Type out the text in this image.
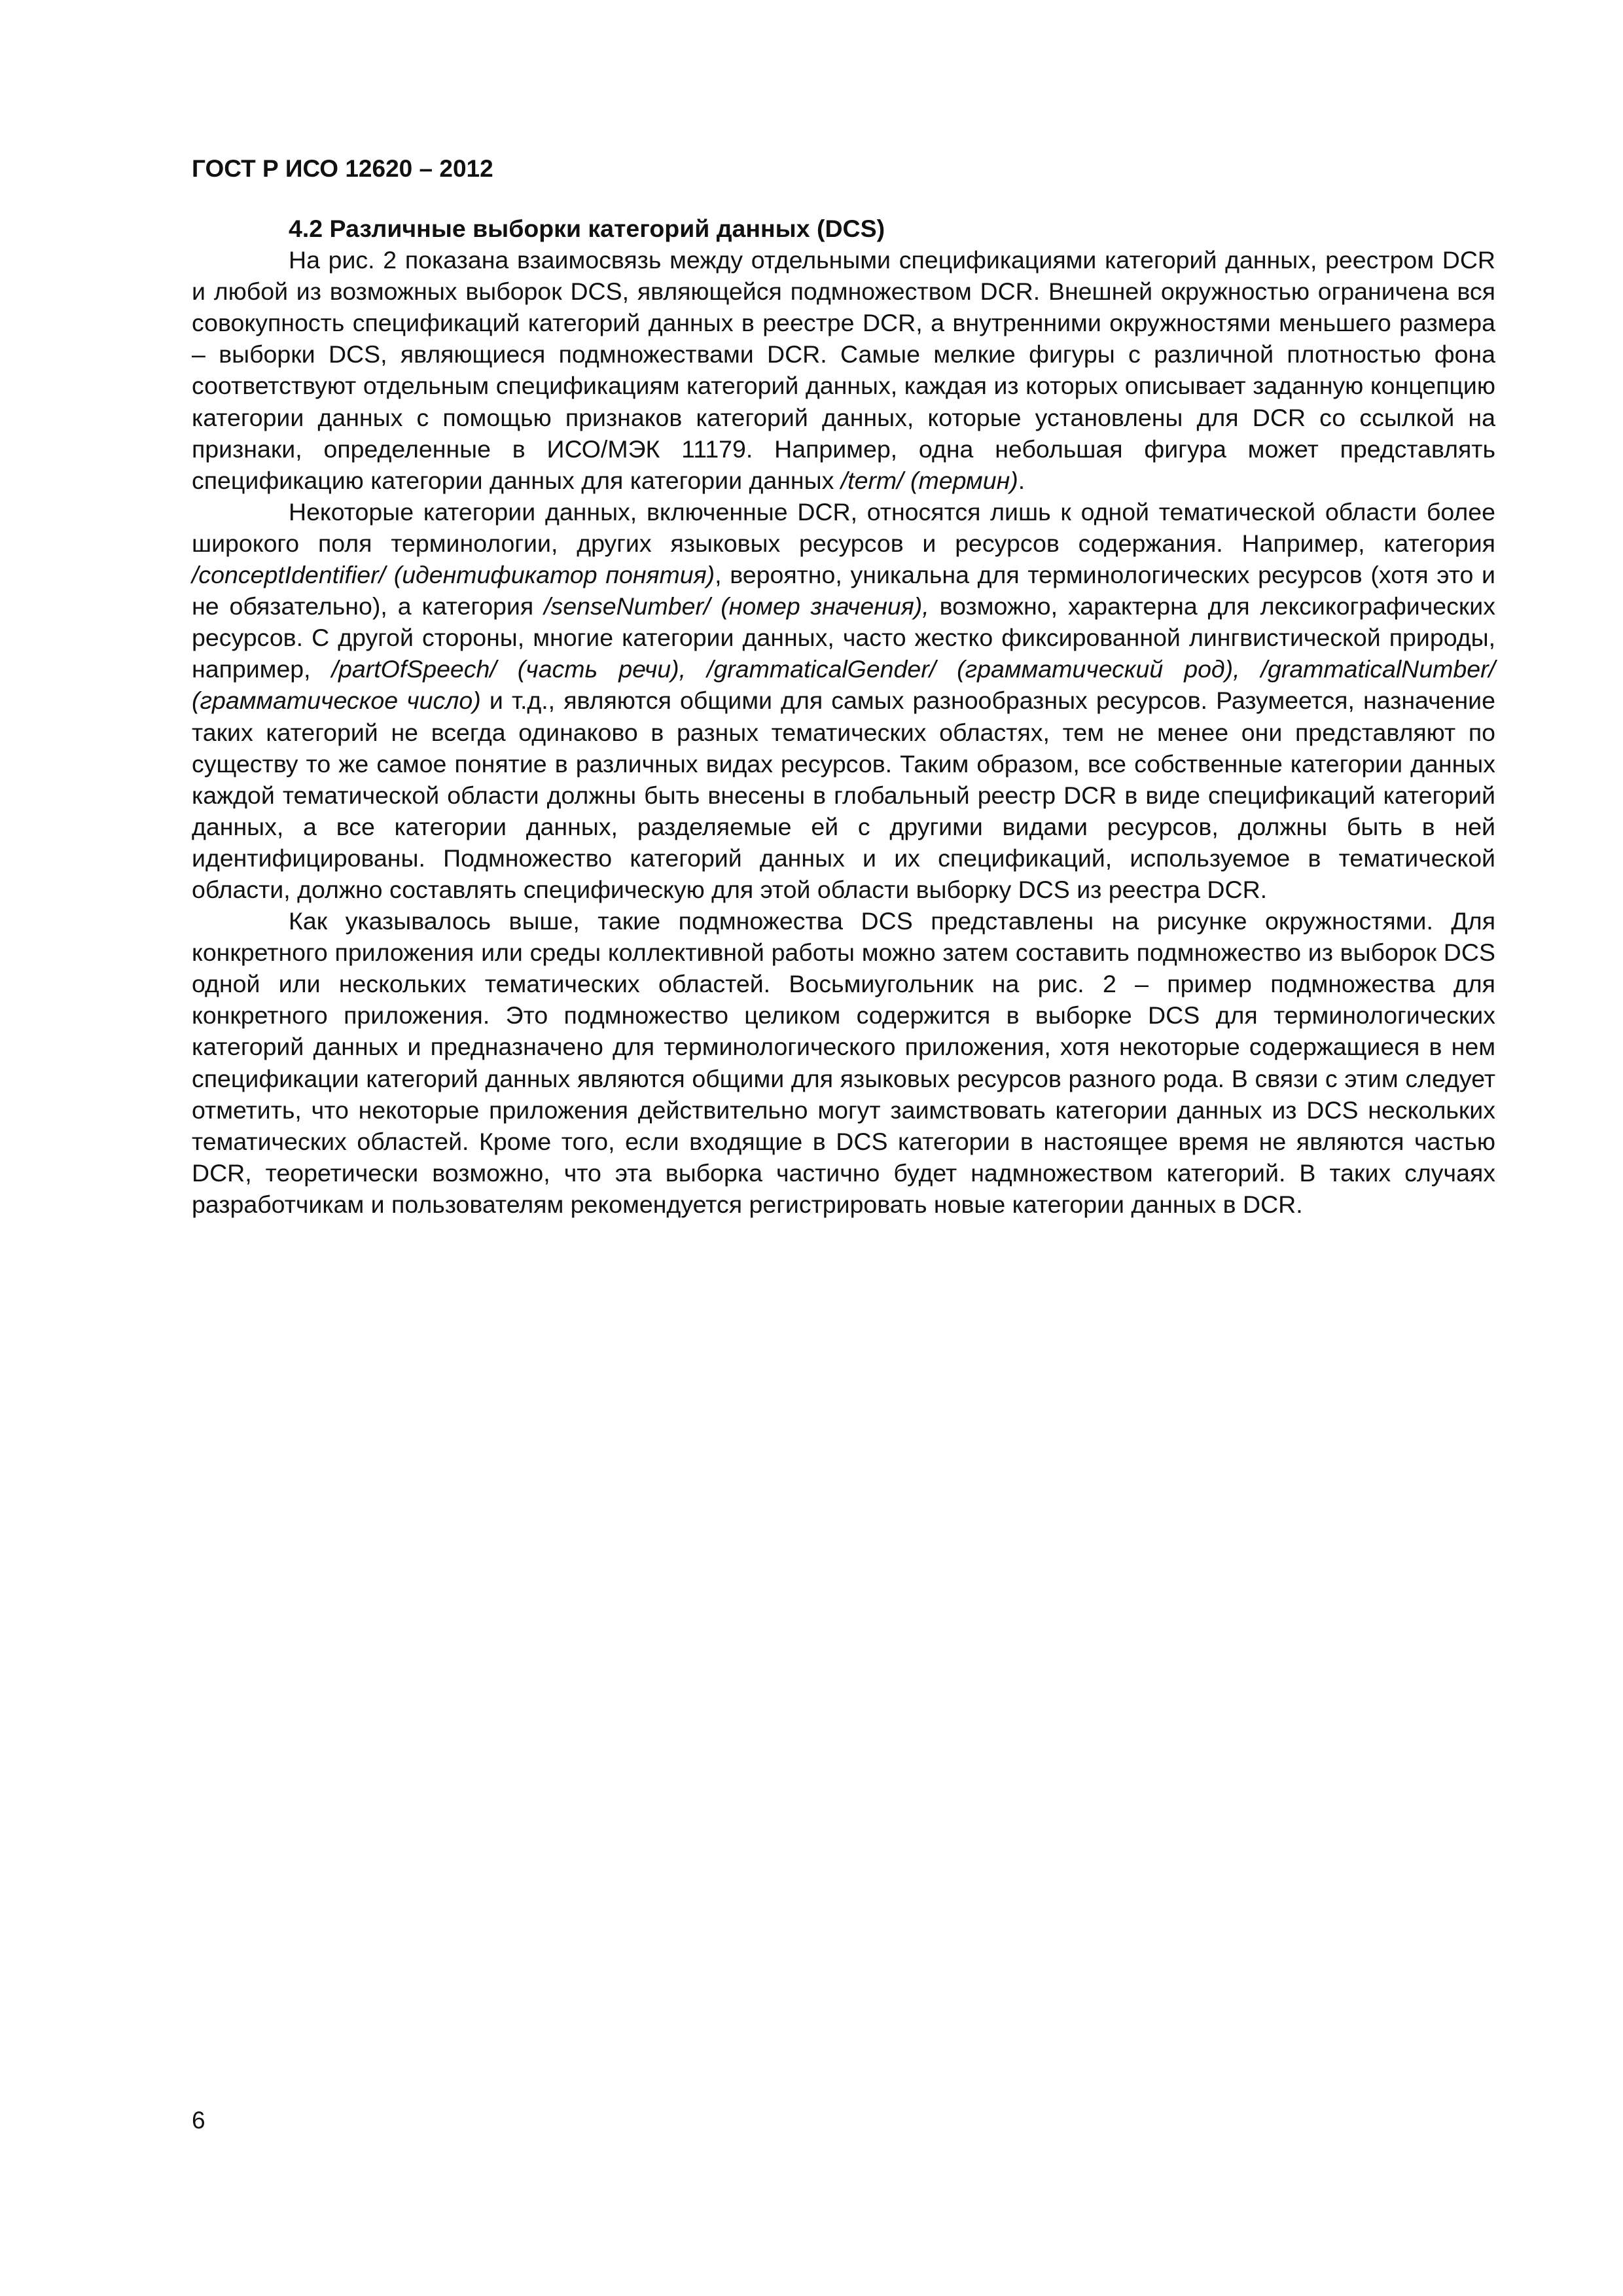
ГОСТ Р ИСО 12620 – 2012
4.2 Различные выборки категорий данных (DCS)

На рис. 2 показана взаимосвязь между отдельными спецификациями категорий данных, реестром DCR и любой из возможных выборок DCS, являющейся подмножеством DCR. Внешней окружностью ограничена вся совокупность спецификаций категорий данных в реестре DCR, а внутренними окружностями меньшего размера – выборки DCS, являющиеся подмножествами DCR. Самые мелкие фигуры с различной плотностью фона соответствуют отдельным спецификациям категорий данных, каждая из которых описывает заданную концепцию категории данных с помощью признаков категорий данных, которые установлены для DCR со ссылкой на признаки, определенные в ИСО/МЭК 11179. Например, одна небольшая фигура может представлять спецификацию категории данных для категории данных /term/ (термин).

Некоторые категории данных, включенные DCR, относятся лишь к одной тематической области более широкого поля терминологии, других языковых ресурсов и ресурсов содержания. Например, категория /conceptIdentifier/ (идентификатор понятия), вероятно, уникальна для терминологических ресурсов (хотя это и не обязательно), а категория /senseNumber/ (номер значения), возможно, характерна для лексикографических ресурсов. С другой стороны, многие категории данных, часто жестко фиксированной лингвистической природы, например, /partOfSpeech/ (часть речи), /grammaticalGender/ (грамматический род), /grammaticalNumber/ (грамматическое число) и т.д., являются общими для самых разнообразных ресурсов. Разумеется, назначение таких категорий не всегда одинаково в разных тематических областях, тем не менее они представляют по существу то же самое понятие в различных видах ресурсов. Таким образом, все собственные категории данных каждой тематической области должны быть внесены в глобальный реестр DCR в виде спецификаций категорий данных, а все категории данных, разделяемые ей с другими видами ресурсов, должны быть в ней идентифицированы. Подмножество категорий данных и их спецификаций, используемое в тематической области, должно составлять специфическую для этой области выборку DCS из реестра DCR.

Как указывалось выше, такие подмножества DCS представлены на рисунке окружностями. Для конкретного приложения или среды коллективной работы можно затем составить подмножество из выборок DCS одной или нескольких тематических областей. Восьмиугольник на рис. 2 – пример подмножества для конкретного приложения. Это подмножество целиком содержится в выборке DCS для терминологических категорий данных и предназначено для терминологического приложения, хотя некоторые содержащиеся в нем спецификации категорий данных являются общими для языковых ресурсов разного рода. В связи с этим следует отметить, что некоторые приложения действительно могут заимствовать категории данных из DCS нескольких тематических областей. Кроме того, если входящие в DCS категории в настоящее время не являются частью DCR, теоретически возможно, что эта выборка частично будет надмножеством категорий. В таких случаях разработчикам и пользователям рекомендуется регистрировать новые категории данных в DCR.

6
